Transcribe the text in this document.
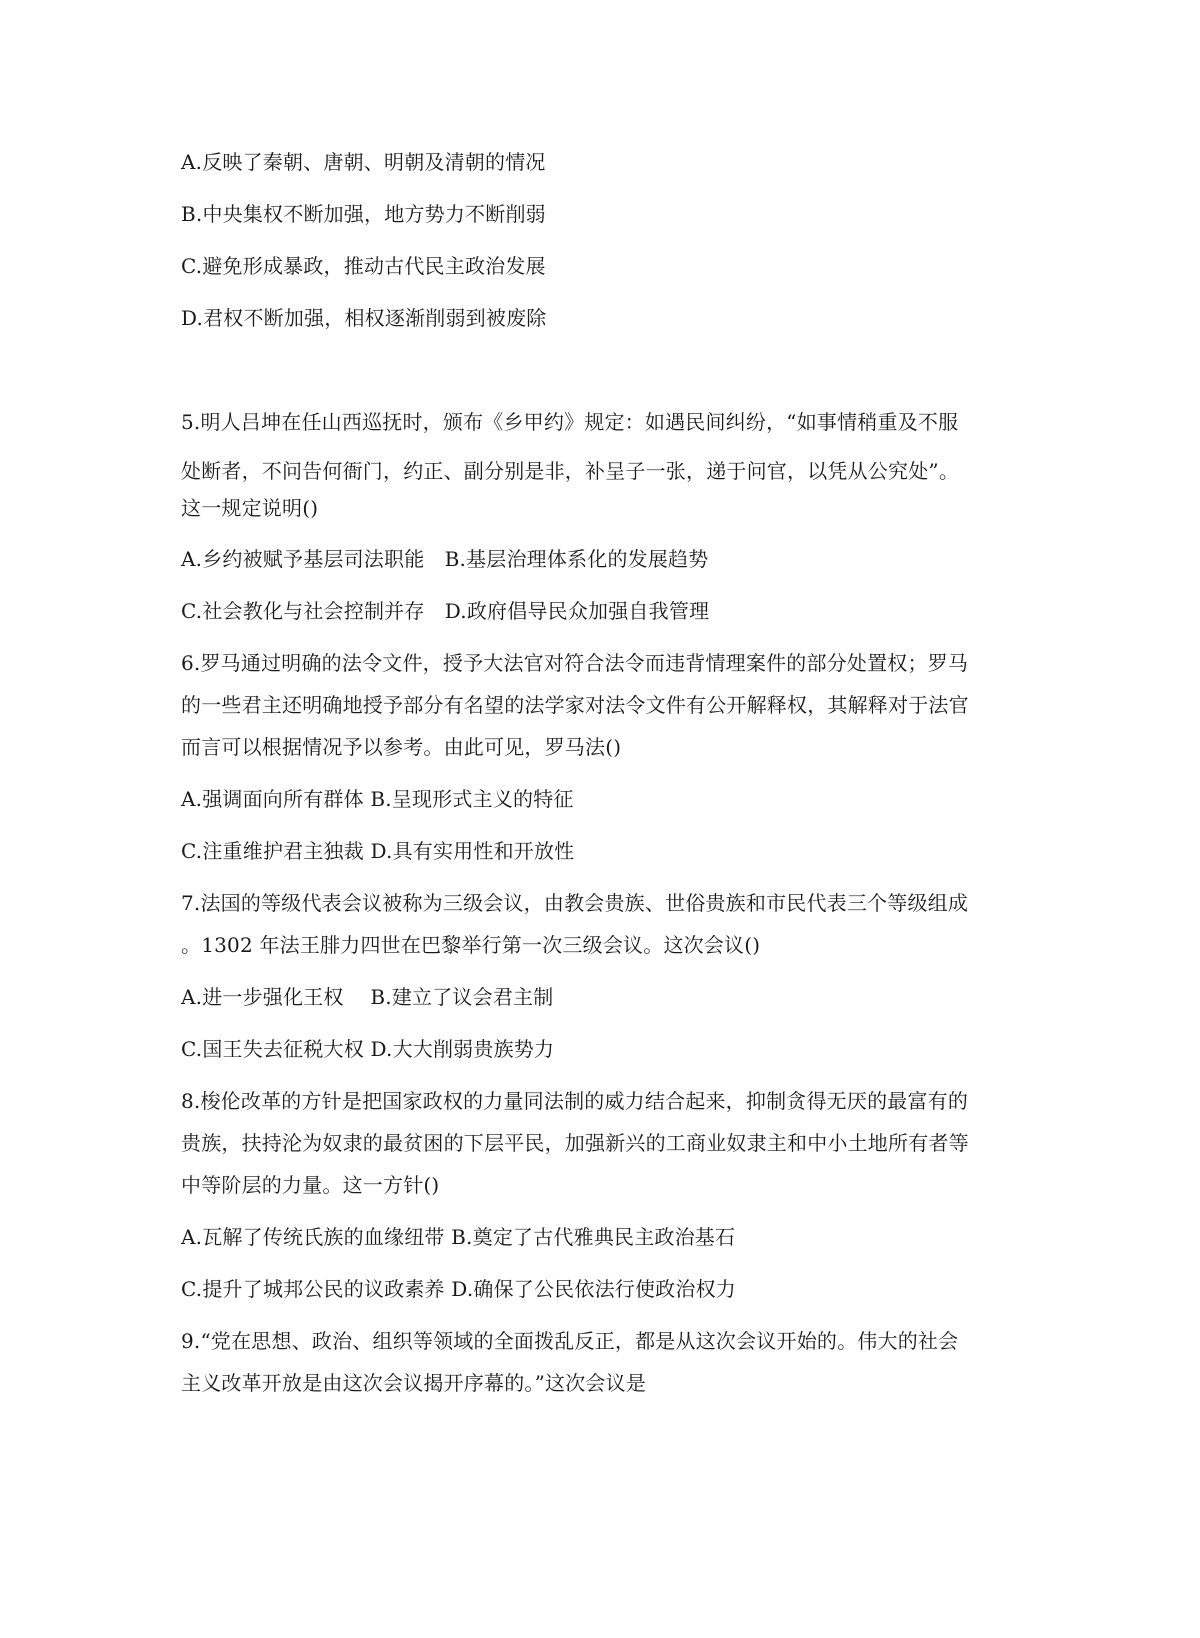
A.反映了秦朝、唐朝、明朝及清朝的情况
B.中央集权不断加强，地方势力不断削弱
C.避免形成暴政，推动古代民主政治发展
D.君权不断加强，相权逐渐削弱到被废除
5.明人吕坤在任山西巡抚时，颁布《乡甲约》规定：如遇民间纠纷，“如事情稍重及不服
处断者，不问告何衙门，约正、副分别是非，补呈子一张，递于问官，以凭从公究处”。
这一规定说明()
A.乡约被赋予基层司法职能　B.基层治理体系化的发展趋势
C.社会教化与社会控制并存　D.政府倡导民众加强自我管理
6.罗马通过明确的法令文件，授予大法官对符合法令而违背情理案件的部分处置权；罗马
的一些君主还明确地授予部分有名望的法学家对法令文件有公开解释权，其解释对于法官
而言可以根据情况予以参考。由此可见，罗马法()
A.强调面向所有群体 B.呈现形式主义的特征
C.注重维护君主独裁 D.具有实用性和开放性
7.法国的等级代表会议被称为三级会议，由教会贵族、世俗贵族和市民代表三个等级组成
。1302 年法王腓力四世在巴黎举行第一次三级会议。这次会议()
A.进一步强化王权　 B.建立了议会君主制
C.国王失去征税大权 D.大大削弱贵族势力
8.梭伦改革的方针是把国家政权的力量同法制的威力结合起来，抑制贪得无厌的最富有的
贵族，扶持沦为奴隶的最贫困的下层平民，加强新兴的工商业奴隶主和中小土地所有者等
中等阶层的力量。这一方针()
A.瓦解了传统氏族的血缘纽带 B.奠定了古代雅典民主政治基石
C.提升了城邦公民的议政素养 D.确保了公民依法行使政治权力
9.“党在思想、政治、组织等领域的全面拨乱反正，都是从这次会议开始的。伟大的社会
主义改革开放是由这次会议揭开序幕的。”这次会议是
